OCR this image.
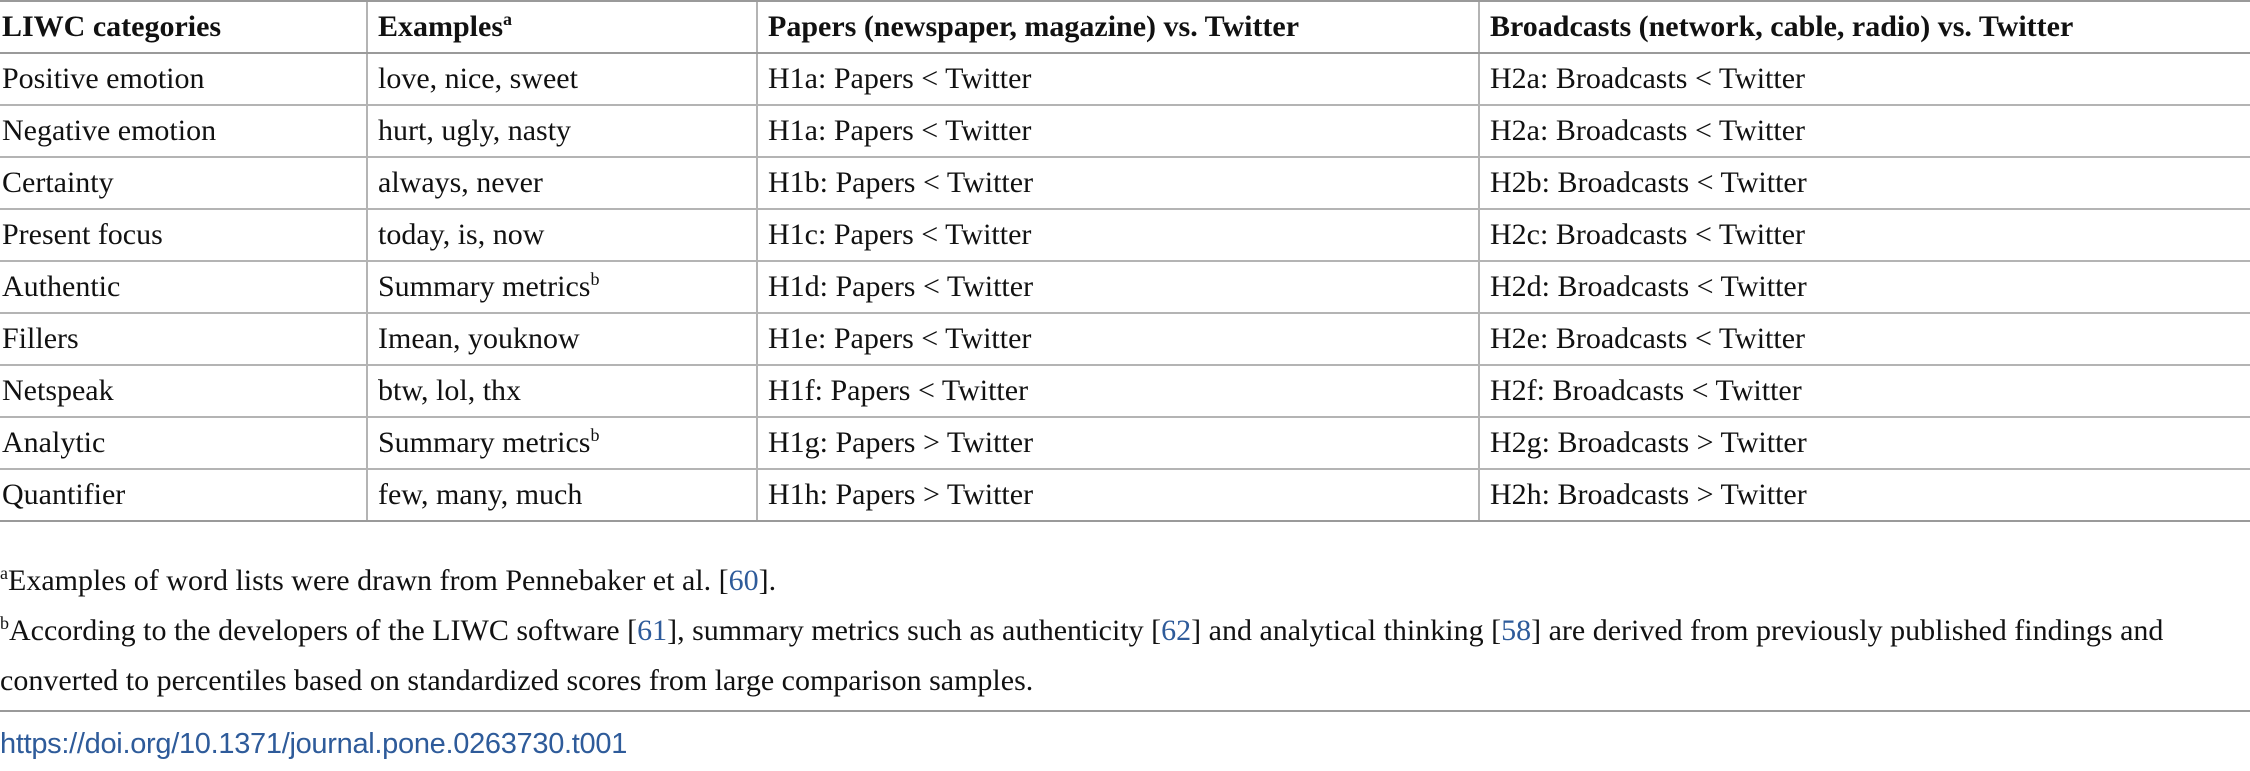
LIWC categories	Examples$^a$	Papers (newspaper, magazine) vs. Twitter	Broadcasts (network, cable, radio) vs. Twitter
Positive emotion	love, nice, sweet	H1a: Papers < Twitter	H2a: Broadcasts < Twitter
Negative emotion	hurt, ugly, nasty	H1a: Papers < Twitter	H2a: Broadcasts < Twitter
Certainty	always, never	H1b: Papers < Twitter	H2b: Broadcasts < Twitter
Present focus	today, is, now	H1c: Papers < Twitter	H2c: Broadcasts < Twitter
Authentic	Summary metrics$^b$	H1d: Papers < Twitter	H2d: Broadcasts < Twitter
Fillers	Imean, youknow	H1e: Papers < Twitter	H2e: Broadcasts < Twitter
Netspeak	btw, lol, thx	H1f: Papers < Twitter	H2f: Broadcasts < Twitter
Analytic	Summary metrics$^b$	H1g: Papers > Twitter	H2g: Broadcasts > Twitter
Quantifier	few, many, much	H1h: Papers > Twitter	H2h: Broadcasts > Twitter

$^a$Examples of word lists were drawn from Pennebaker et al. [60].

$^b$According to the developers of the LIWC software [61], summary metrics such as authenticity [62] and analytical thinking [58] are derived from previously published findings and converted to percentiles based on standardized scores from large comparison samples.

https://doi.org/10.1371/journal.pone.0263730.t001
